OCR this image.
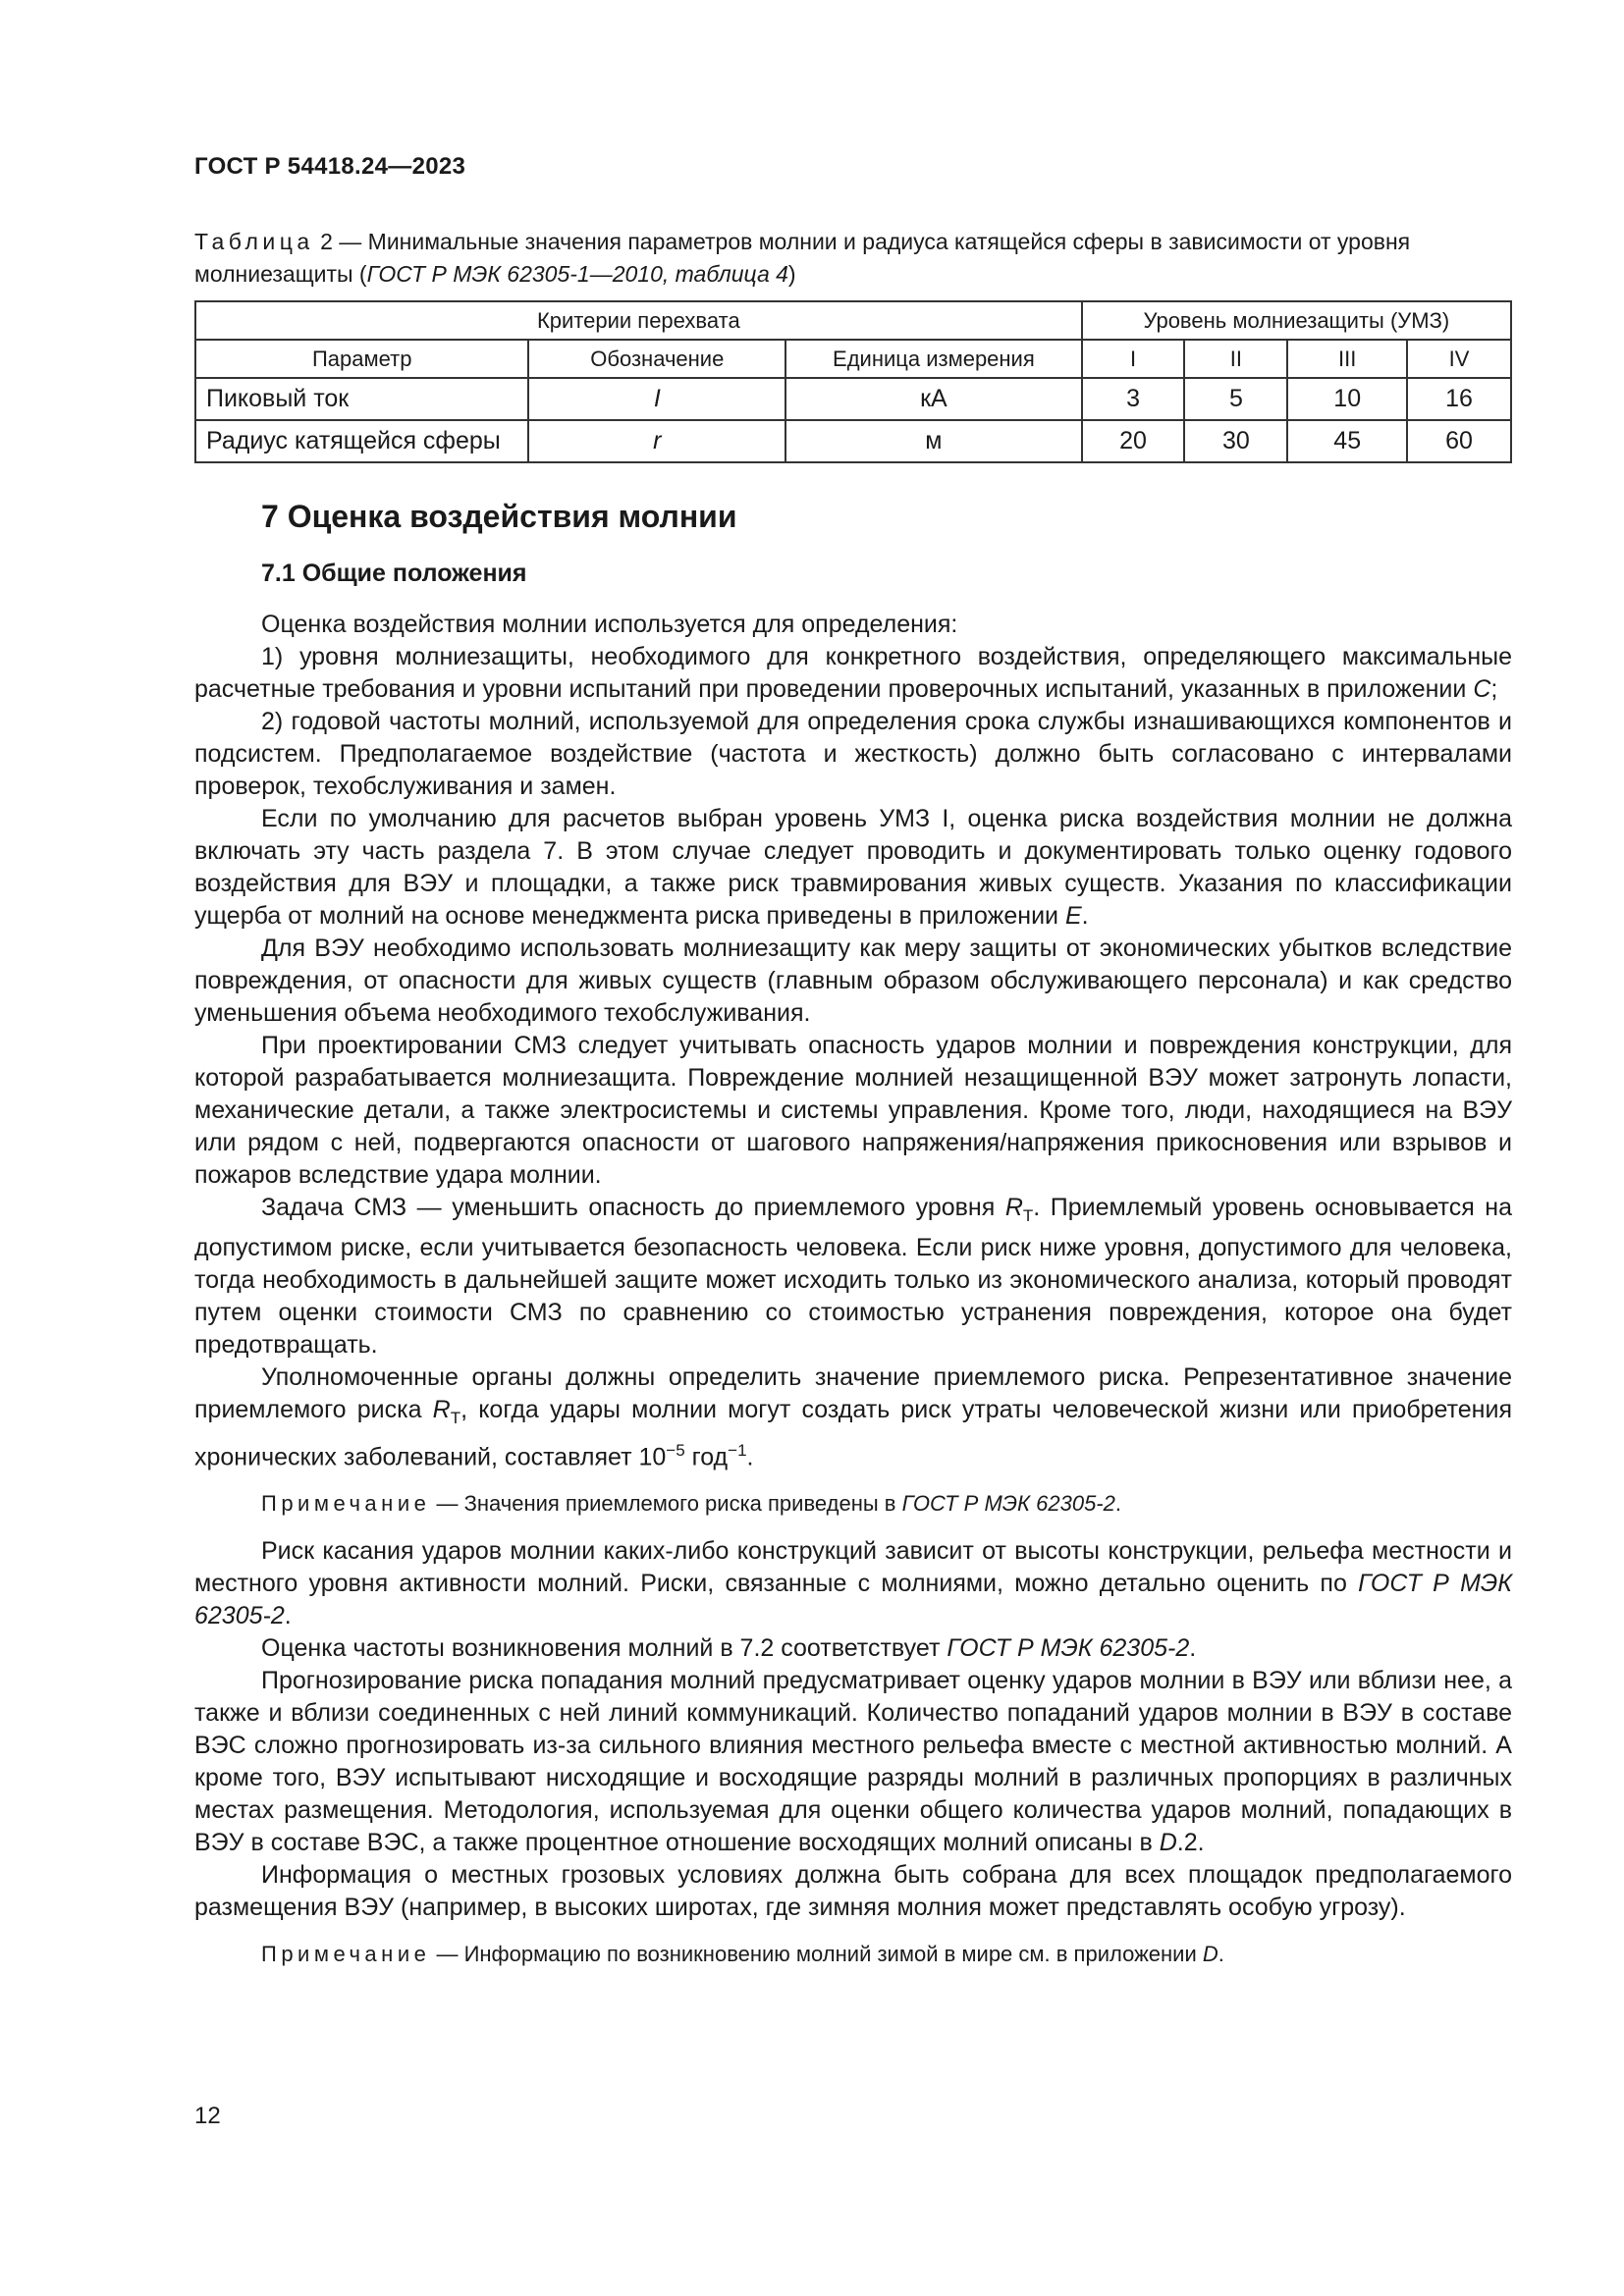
ГОСТ Р 54418.24—2023
Таблица 2 — Минимальные значения параметров молнии и радиуса катящейся сферы в зависимости от уровня молниезащиты (ГОСТ Р МЭК 62305-1—2010, таблица 4)
Критерии перехвата			Уровень молниезащиты (УМЗ)			
Параметр	Обозначение	Единица измерения	I	II	III	IV
Пиковый ток	I	кА	3	5	10	16
Радиус катящейся сферы	r	м	20	30	45	60
7 Оценка воздействия молнии
7.1 Общие положения

Оценка воздействия молнии используется для определения:

1) уровня молниезащиты, необходимого для конкретного воздействия, определяющего максимальные расчетные требования и уровни испытаний при проведении проверочных испытаний, указанных в приложении C;

2) годовой частоты молний, используемой для определения срока службы изнашивающихся компонентов и подсистем. Предполагаемое воздействие (частота и жесткость) должно быть согласовано с интервалами проверок, техобслуживания и замен.

Если по умолчанию для расчетов выбран уровень УМЗ I, оценка риска воздействия молнии не должна включать эту часть раздела 7. В этом случае следует проводить и документировать только оценку годового воздействия для ВЭУ и площадки, а также риск травмирования живых существ. Указания по классификации ущерба от молний на основе менеджмента риска приведены в приложении E.

Для ВЭУ необходимо использовать молниезащиту как меру защиты от экономических убытков вследствие повреждения, от опасности для живых существ (главным образом обслуживающего персонала) и как средство уменьшения объема необходимого техобслуживания.

При проектировании СМЗ следует учитывать опасность ударов молнии и повреждения конструкции, для которой разрабатывается молниезащита. Повреждение молнией незащищенной ВЭУ может затронуть лопасти, механические детали, а также электросистемы и системы управления. Кроме того, люди, находящиеся на ВЭУ или рядом с ней, подвергаются опасности от шагового напряжения/напряжения прикосновения или взрывов и пожаров вследствие удара молнии.

Задача СМЗ — уменьшить опасность до приемлемого уровня $R_T$. Приемлемый уровень основывается на допустимом риске, если учитывается безопасность человека. Если риск ниже уровня, допустимого для человека, тогда необходимость в дальнейшей защите может исходить только из экономического анализа, который проводят путем оценки стоимости СМЗ по сравнению со стоимостью устранения повреждения, которое она будет предотвращать.

Уполномоченные органы должны определить значение приемлемого риска. Репрезентативное значение приемлемого риска $R_T$, когда удары молнии могут создать риск утраты человеческой жизни или приобретения хронических заболеваний, составляет $10^{-5}$ год$^{-1}$.

Примечание — Значения приемлемого риска приведены в ГОСТ Р МЭК 62305-2.

Риск касания ударов молнии каких-либо конструкций зависит от высоты конструкции, рельефа местности и местного уровня активности молний. Риски, связанные с молниями, можно детально оценить по ГОСТ Р МЭК 62305-2.

Оценка частоты возникновения молний в 7.2 соответствует ГОСТ Р МЭК 62305-2.

Прогнозирование риска попадания молний предусматривает оценку ударов молнии в ВЭУ или вблизи нее, а также и вблизи соединенных с ней линий коммуникаций. Количество попаданий ударов молнии в ВЭУ в составе ВЭС сложно прогнозировать из-за сильного влияния местного рельефа вместе с местной активностью молний. А кроме того, ВЭУ испытывают нисходящие и восходящие разряды молний в различных пропорциях в различных местах размещения. Методология, используемая для оценки общего количества ударов молний, попадающих в ВЭУ в составе ВЭС, а также процентное отношение восходящих молний описаны в D.2.

Информация о местных грозовых условиях должна быть собрана для всех площадок предполагаемого размещения ВЭУ (например, в высоких широтах, где зимняя молния может представлять особую угрозу).

Примечание — Информацию по возникновению молний зимой в мире см. в приложении D.

12
